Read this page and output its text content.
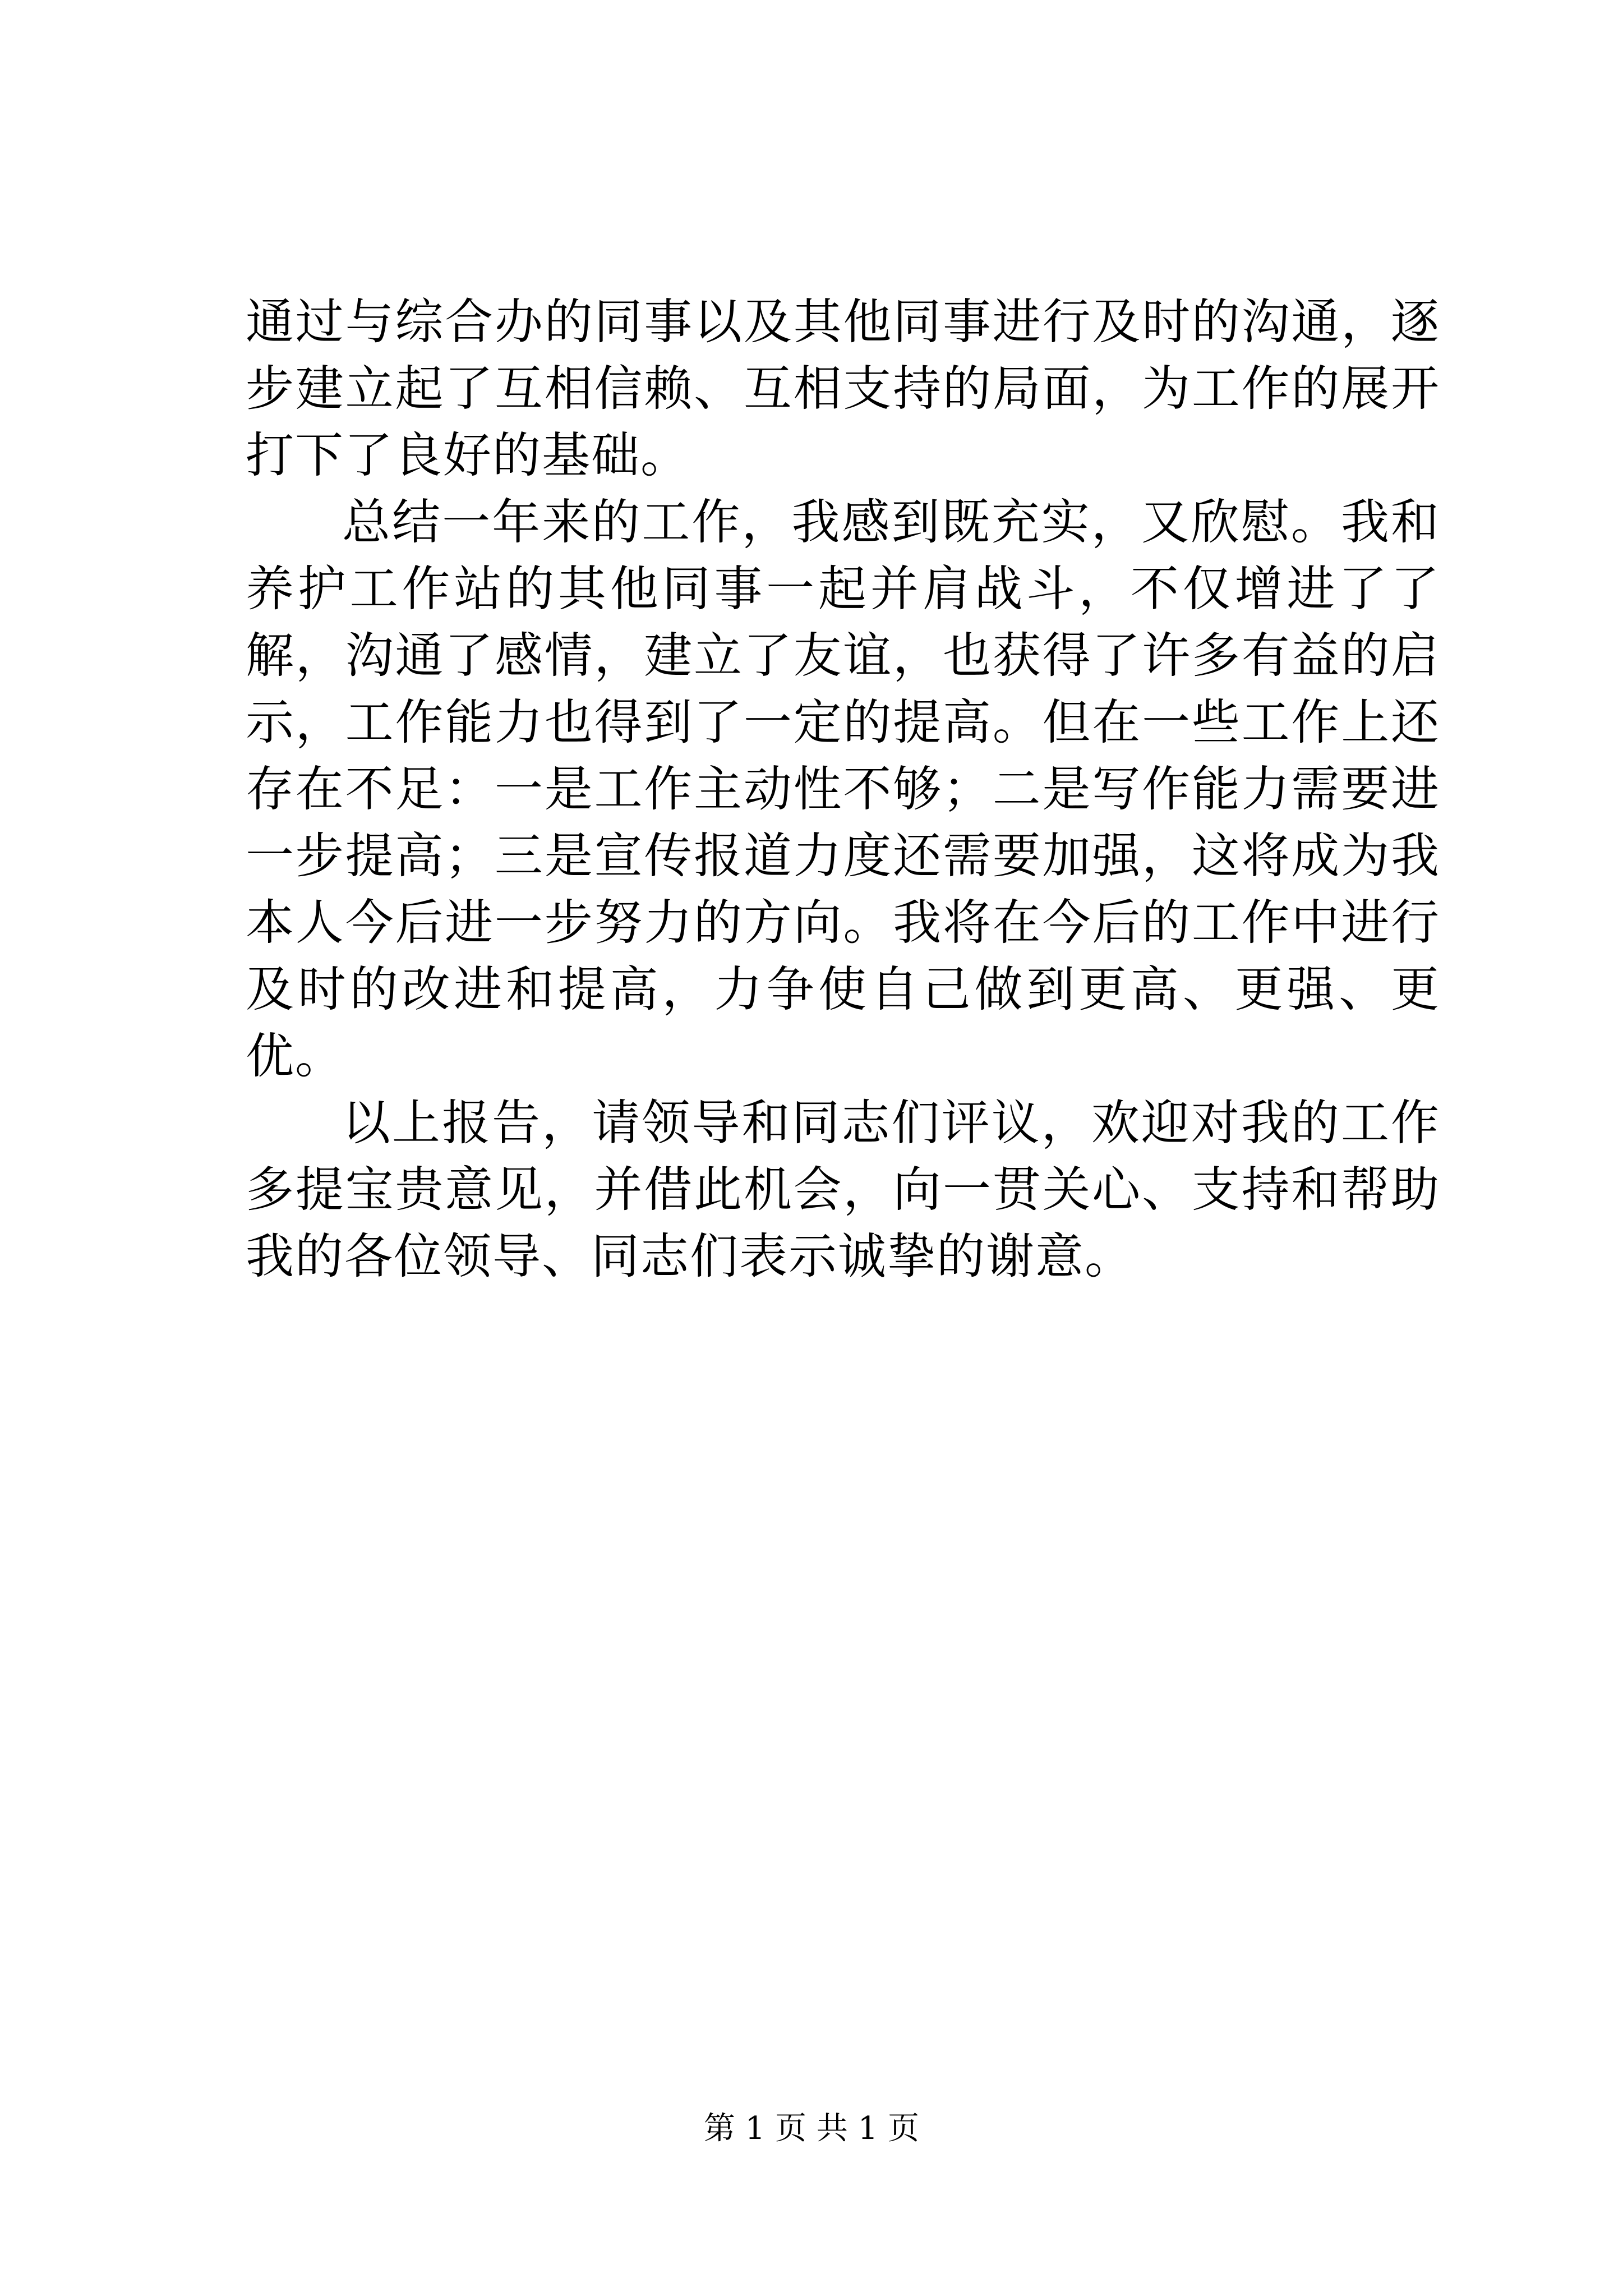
通过与综合办的同事以及其他同事进行及时的沟通，逐步建立起了互相信赖、互相支持的局面，为工作的展开打下了良好的基础。

总结一年来的工作，我感到既充实，又欣慰。我和养护工作站的其他同事一起并肩战斗，不仅增进了了解，沟通了感情，建立了友谊，也获得了许多有益的启示，工作能力也得到了一定的提高。但在一些工作上还存在不足：一是工作主动性不够；二是写作能力需要进一步提高；三是宣传报道力度还需要加强，这将成为我本人今后进一步努力的方向。我将在今后的工作中进行及时的改进和提高，力争使自己做到更高、更强、更优。

以上报告，请领导和同志们评议，欢迎对我的工作多提宝贵意见，并借此机会，向一贯关心、支持和帮助我的各位领导、同志们表示诚挚的谢意。

第 1 页 共 1 页
